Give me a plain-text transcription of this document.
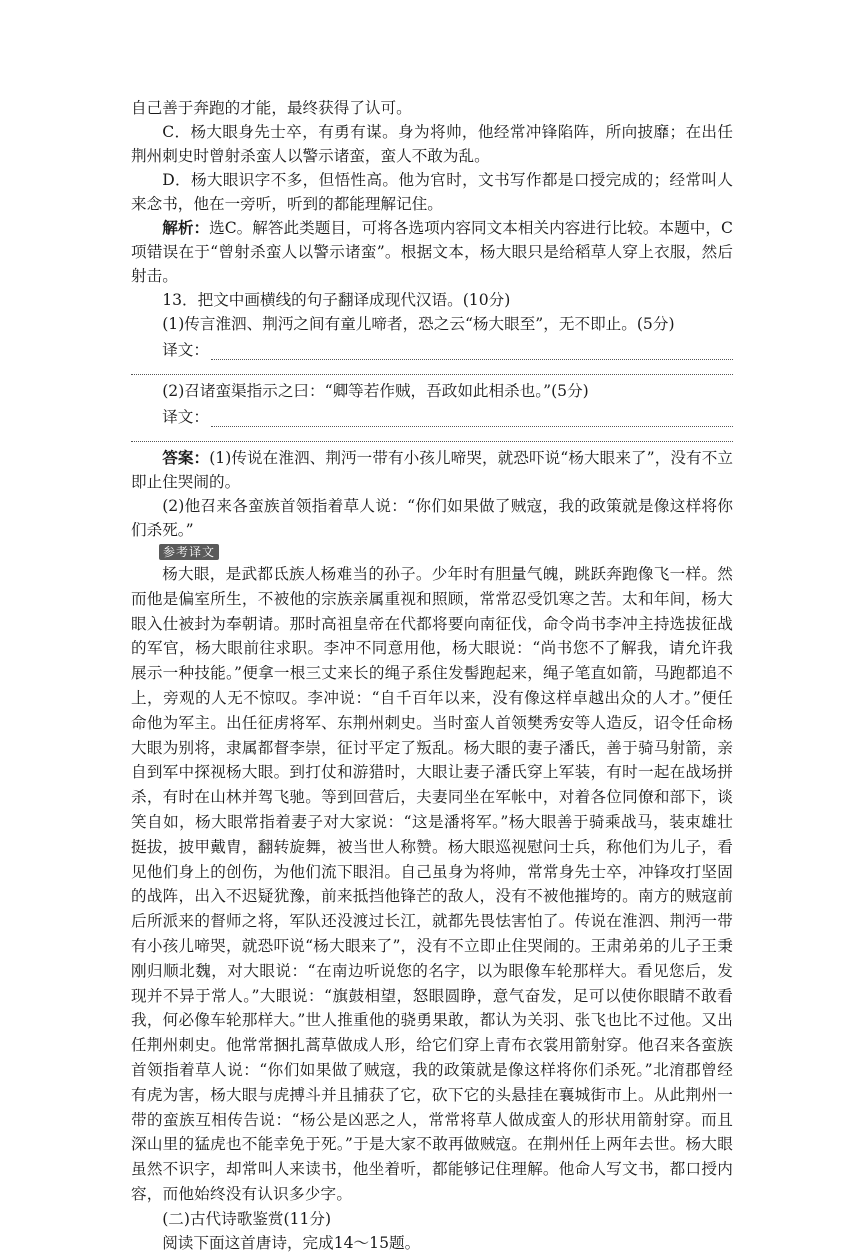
自己善于奔跑的才能，最终获得了认可。

C．杨大眼身先士卒，有勇有谋。身为将帅，他经常冲锋陷阵，所向披靡；在出任荆州刺史时曾射杀蛮人以警示诸蛮，蛮人不敢为乱。

D．杨大眼识字不多，但悟性高。他为官时，文书写作都是口授完成的；经常叫人来念书，他在一旁听，听到的都能理解记住。

解析：选C。解答此类题目，可将各选项内容同文本相关内容进行比较。本题中，C项错误在于“曾射杀蛮人以警示诸蛮”。根据文本，杨大眼只是给稻草人穿上衣服，然后射击。

13．把文中画横线的句子翻译成现代汉语。(10分)

(1)传言淮泗、荆沔之间有童儿啼者，恐之云“杨大眼至”，无不即止。(5分)

译文：

(2)召诸蛮渠指示之曰：“卿等若作贼，吾政如此相杀也。”(5分)

译文：

答案：(1)传说在淮泗、荆沔一带有小孩儿啼哭，就恐吓说“杨大眼来了”，没有不立即止住哭闹的。

(2)他召来各蛮族首领指着草人说：“你们如果做了贼寇，我的政策就是像这样将你们杀死。”

参考译文

杨大眼，是武都氐族人杨难当的孙子。少年时有胆量气魄，跳跃奔跑像飞一样。然而他是偏室所生，不被他的宗族亲属重视和照顾，常常忍受饥寒之苦。太和年间，杨大眼入仕被封为奉朝请。那时高祖皇帝在代都将要向南征伐，命令尚书李冲主持选拔征战的军官，杨大眼前往求职。李冲不同意用他，杨大眼说：“尚书您不了解我，请允许我展示一种技能。”便拿一根三丈来长的绳子系住发髻跑起来，绳子笔直如箭，马跑都追不上，旁观的人无不惊叹。李冲说：“自千百年以来，没有像这样卓越出众的人才。”便任命他为军主。出任征虏将军、东荆州刺史。当时蛮人首领樊秀安等人造反，诏令任命杨大眼为别将，隶属都督李崇，征讨平定了叛乱。杨大眼的妻子潘氏，善于骑马射箭，亲自到军中探视杨大眼。到打仗和游猎时，大眼让妻子潘氏穿上军装，有时一起在战场拼杀，有时在山林并驾飞驰。等到回营后，夫妻同坐在军帐中，对着各位同僚和部下，谈笑自如，杨大眼常指着妻子对大家说：“这是潘将军。”杨大眼善于骑乘战马，装束雄壮挺拔，披甲戴胄，翻转旋舞，被当世人称赞。杨大眼巡视慰问士兵，称他们为儿子，看见他们身上的创伤，为他们流下眼泪。自己虽身为将帅，常常身先士卒，冲锋攻打坚固的战阵，出入不迟疑犹豫，前来抵挡他锋芒的敌人，没有不被他摧垮的。南方的贼寇前后所派来的督师之将，军队还没渡过长江，就都先畏怯害怕了。传说在淮泗、荆沔一带有小孩儿啼哭，就恐吓说“杨大眼来了”，没有不立即止住哭闹的。王肃弟弟的儿子王秉刚归顺北魏，对大眼说：“在南边听说您的名字，以为眼像车轮那样大。看见您后，发现并不异于常人。”大眼说：“旗鼓相望，怒眼圆睁，意气奋发，足可以使你眼睛不敢看我，何必像车轮那样大。”世人推重他的骁勇果敢，都认为关羽、张飞也比不过他。又出任荆州刺史。他常常捆扎蒿草做成人形，给它们穿上青布衣裳用箭射穿。他召来各蛮族首领指着草人说：“你们如果做了贼寇，我的政策就是像这样将你们杀死。”北淯郡曾经有虎为害，杨大眼与虎搏斗并且捕获了它，砍下它的头悬挂在襄城街市上。从此荆州一带的蛮族互相传告说：“杨公是凶恶之人，常常将草人做成蛮人的形状用箭射穿。而且深山里的猛虎也不能幸免于死。”于是大家不敢再做贼寇。在荆州任上两年去世。杨大眼虽然不识字，却常叫人来读书，他坐着听，都能够记住理解。他命人写文书，都口授内容，而他始终没有认识多少字。

(二)古代诗歌鉴赏(11分)

阅读下面这首唐诗，完成14～15题。
